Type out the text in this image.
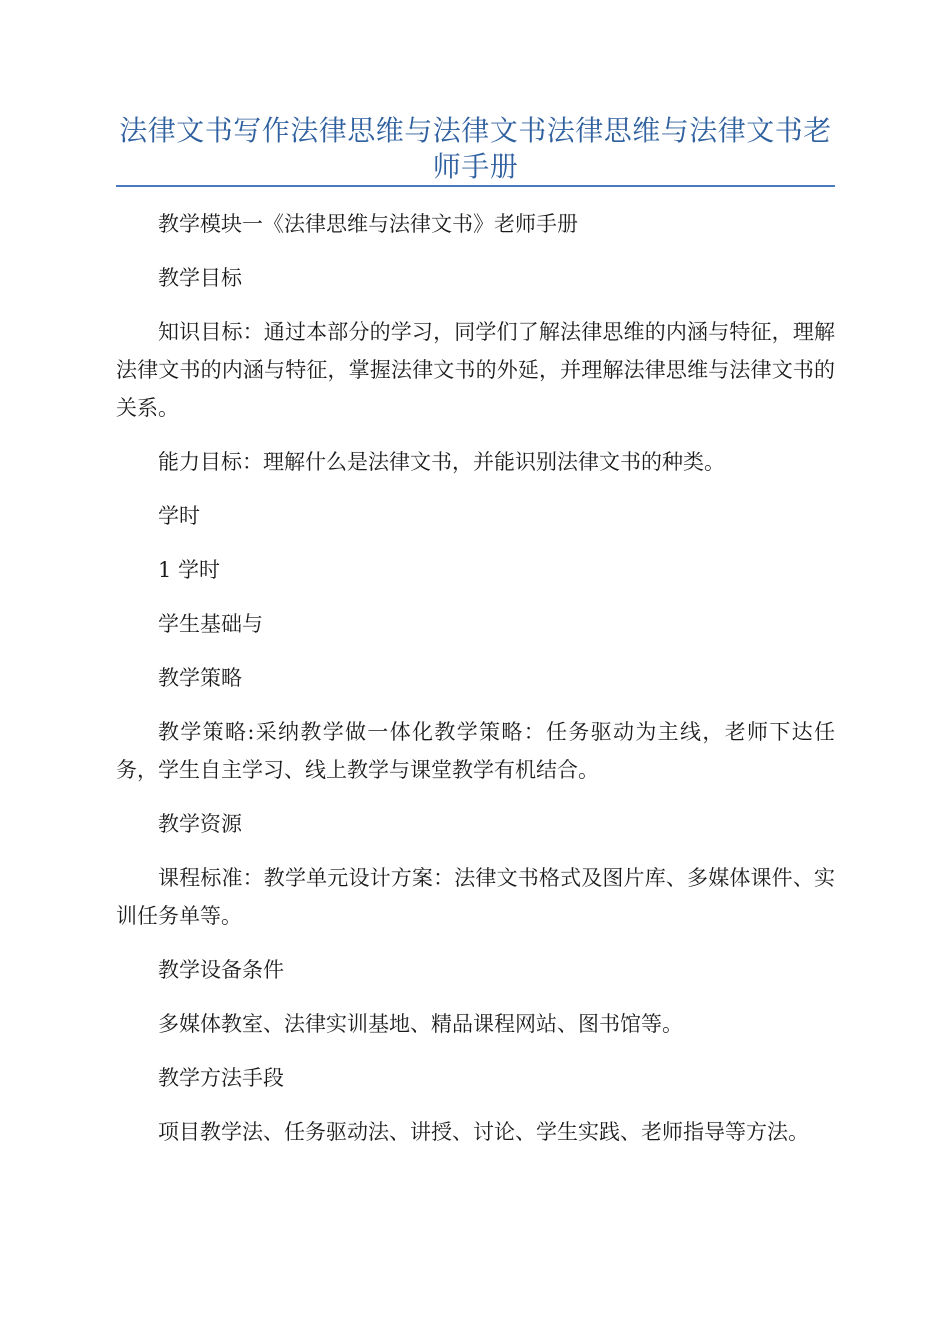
法律文书写作法律思维与法律文书法律思维与法律文书老师手册

教学模块一《法律思维与法律文书》老师手册

教学目标

知识目标：通过本部分的学习，同学们了解法律思维的内涵与特征，理解法律文书的内涵与特征，掌握法律文书的外延，并理解法律思维与法律文书的关系。

能力目标：理解什么是法律文书，并能识别法律文书的种类。

学时

1 学时

学生基础与

教学策略

教学策略:采纳教学做一体化教学策略：任务驱动为主线，老师下达任务，学生自主学习、线上教学与课堂教学有机结合。

教学资源

课程标准：教学单元设计方案：法律文书格式及图片库、多媒体课件、实训任务单等。

教学设备条件

多媒体教室、法律实训基地、精品课程网站、图书馆等。

教学方法手段

项目教学法、任务驱动法、讲授、讨论、学生实践、老师指导等方法。
